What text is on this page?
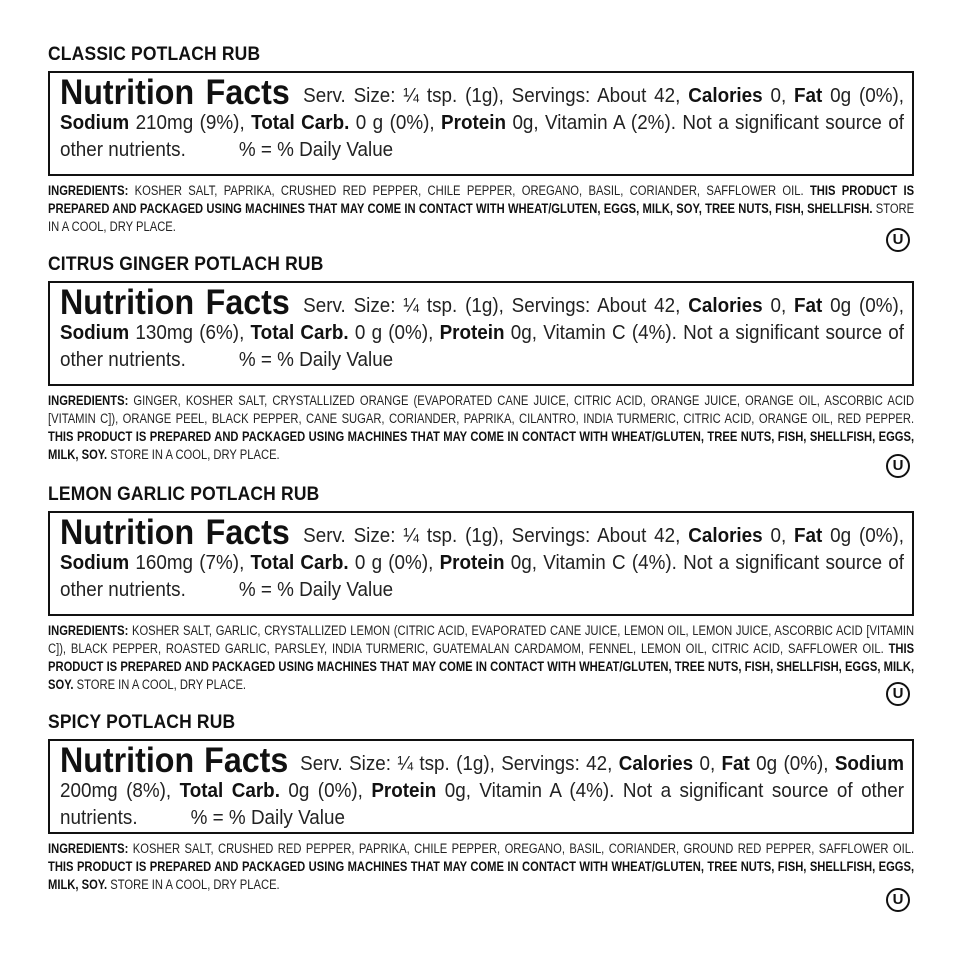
CLASSIC POTLACH RUB
Nutrition Facts Serv. Size: ¼ tsp. (1g), Servings: About 42, Calories 0, Fat 0g (0%), Sodium 210mg (9%), Total Carb. 0 g (0%), Protein 0g, Vitamin A (2%). Not a significant source of other nutrients.	% = % Daily Value
INGREDIENTS: KOSHER SALT, PAPRIKA, CRUSHED RED PEPPER, CHILE PEPPER, OREGANO, BASIL, CORIANDER, SAFFLOWER OIL. THIS PRODUCT IS PREPARED AND PACKAGED USING MACHINES THAT MAY COME IN CONTACT WITH WHEAT/GLUTEN, EGGS, MILK, SOY, TREE NUTS, FISH, SHELLFISH. STORE IN A COOL, DRY PLACE.
U
CITRUS GINGER POTLACH RUB
Nutrition Facts Serv. Size: ¼ tsp. (1g), Servings: About 42, Calories 0, Fat 0g (0%), Sodium 130mg (6%), Total Carb. 0 g (0%), Protein 0g, Vitamin C (4%). Not a significant source of other nutrients.	% = % Daily Value
INGREDIENTS: GINGER, KOSHER SALT, CRYSTALLIZED ORANGE (EVAPORATED CANE JUICE, CITRIC ACID, ORANGE JUICE, ORANGE OIL, ASCORBIC ACID [VITAMIN C]), ORANGE PEEL, BLACK PEPPER, CANE SUGAR, CORIANDER, PAPRIKA, CILANTRO, INDIA TURMERIC, CITRIC ACID, ORANGE OIL, RED PEPPER. THIS PRODUCT IS PREPARED AND PACKAGED USING MACHINES THAT MAY COME IN CONTACT WITH WHEAT/GLUTEN, TREE NUTS, FISH, SHELLFISH, EGGS, MILK, SOY. STORE IN A COOL, DRY PLACE.
U
LEMON GARLIC POTLACH RUB
Nutrition Facts Serv. Size: ¼ tsp. (1g), Servings: About 42, Calories 0, Fat 0g (0%), Sodium 160mg (7%), Total Carb. 0 g (0%), Protein 0g, Vitamin C (4%). Not a significant source of other nutrients.	% = % Daily Value
INGREDIENTS: KOSHER SALT, GARLIC, CRYSTALLIZED LEMON (CITRIC ACID, EVAPORATED CANE JUICE, LEMON OIL, LEMON JUICE, ASCORBIC ACID [VITAMIN C]), BLACK PEPPER, ROASTED GARLIC, PARSLEY, INDIA TURMERIC, GUATEMALAN CARDAMOM, FENNEL, LEMON OIL, CITRIC ACID, SAFFLOWER OIL. THIS PRODUCT IS PREPARED AND PACKAGED USING MACHINES THAT MAY COME IN CONTACT WITH WHEAT/GLUTEN, TREE NUTS, FISH, SHELLFISH, EGGS, MILK, SOY. STORE IN A COOL, DRY PLACE.
U
SPICY POTLACH RUB
Nutrition Facts Serv. Size: ¼ tsp. (1g), Servings: 42, Calories 0, Fat 0g (0%), Sodium 200mg (8%), Total Carb. 0g (0%), Protein 0g, Vitamin A (4%). Not a significant source of other nutrients.	% = % Daily Value
INGREDIENTS: KOSHER SALT, CRUSHED RED PEPPER, PAPRIKA, CHILE PEPPER, OREGANO, BASIL, CORIANDER, GROUND RED PEPPER, SAFFLOWER OIL. THIS PRODUCT IS PREPARED AND PACKAGED USING MACHINES THAT MAY COME IN CONTACT WITH WHEAT/GLUTEN, TREE NUTS, FISH, SHELLFISH, EGGS, MILK, SOY. STORE IN A COOL, DRY PLACE.
U
